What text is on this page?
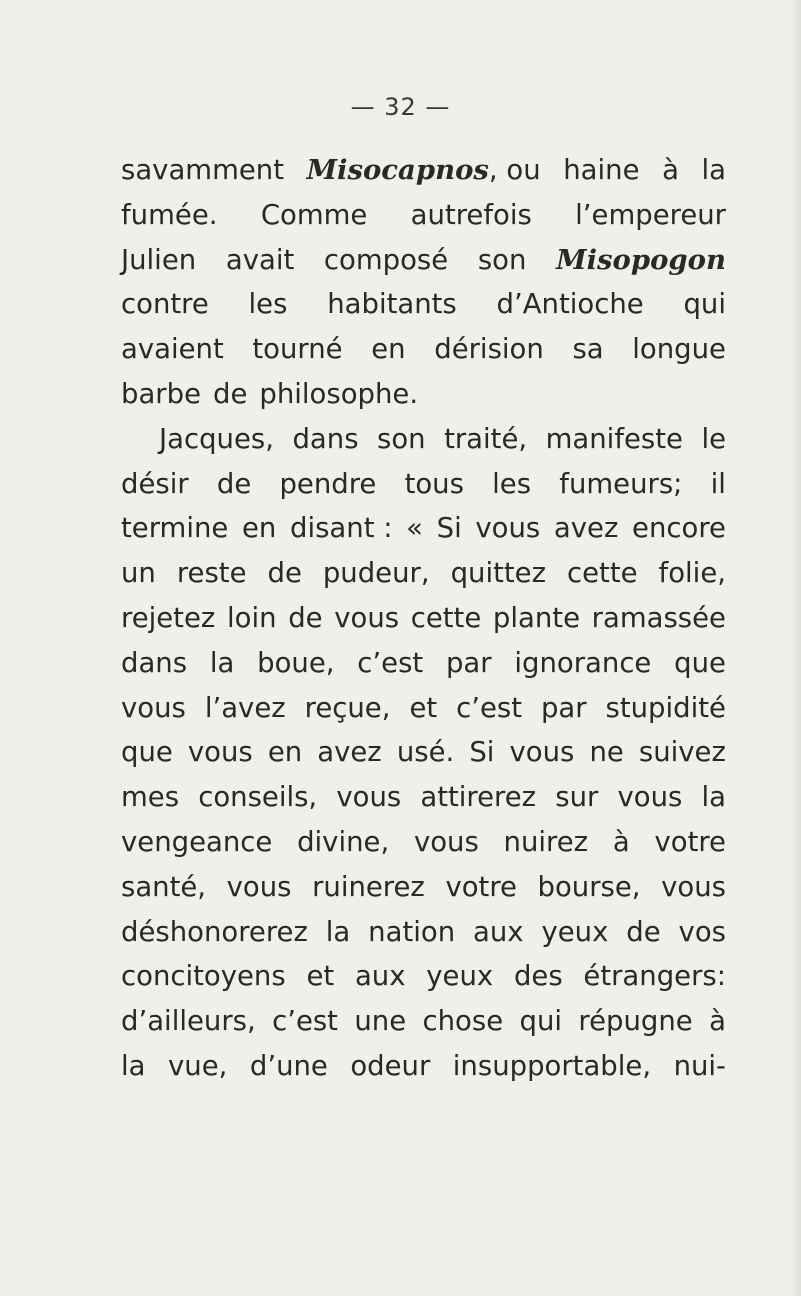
— 32 —
savamment Misocapnos, ou haine à la
fumée. Comme autrefois l’empereur
Julien avait composé son Misopogon
contre les habitants d’Antioche qui
avaient tourné en dérision sa longue
barbe de philosophe.
Jacques, dans son traité, manifeste le
désir de pendre tous les fumeurs; il
termine en disant : « Si vous avez encore
un reste de pudeur, quittez cette folie,
rejetez loin de vous cette plante ramassée
dans la boue, c’est par ignorance que
vous l’avez reçue, et c’est par stupidité
que vous en avez usé. Si vous ne suivez
mes conseils, vous attirerez sur vous la
vengeance divine, vous nuirez à votre
santé, vous ruinerez votre bourse, vous
déshonorerez la nation aux yeux de vos
concitoyens et aux yeux des étrangers:
d’ailleurs, c’est une chose qui répugne à
la vue, d’une odeur insupportable, nui-
